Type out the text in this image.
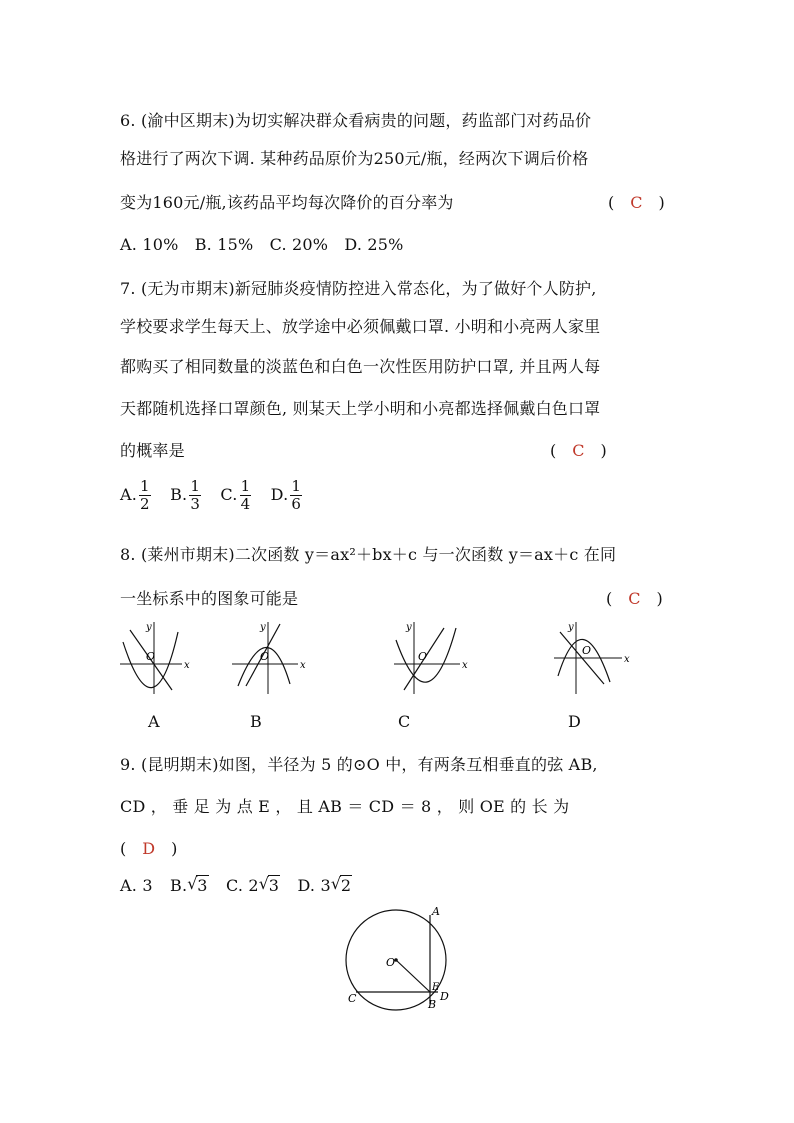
6. (渝中区期末)为切实解决群众看病贵的问题，药监部门对药品价
格进行了两次下调. 某种药品原价为250元/瓶，经两次下调后价格
变为160元/瓶,该药品平均每次降价的百分率为	(　C　)
A. 10%　B. 15%　C. 20%　D. 25%
7. (无为市期末)新冠肺炎疫情防控进入常态化，为了做好个人防护,
学校要求学生每天上、放学途中必须佩戴口罩. 小明和小亮两人家里
都购买了相同数量的淡蓝色和白色一次性医用防护口罩, 并且两人每
天都随机选择口罩颜色, 则某天上学小明和小亮都选择佩戴白色口罩
的概率是	(　C　)
A. $\frac{1}{2} B$. $\frac{1}{3} C$. $\frac{1}{4} D$. $\frac{1}{6}$
8. (莱州市期末)二次函数 y＝ax²＋bx＋c 与一次函数 y＝ax＋c 在同
一坐标系中的图象可能是	(　C　)
y
x
O
y
x
O
y
x
O
y
x
O
A	B	C	D
9. (昆明期末)如图，半径为 5 的⊙O 中，有两条互相垂直的弦 AB,
CD ， 垂 足 为 点 E ， 且 AB ＝ CD ＝ 8 ， 则 OE 的 长 为
(　D　)
A. 3 B. √ 3 C. 2 √ 3 D. 3 √ 2
A
O
C
E
D
B
